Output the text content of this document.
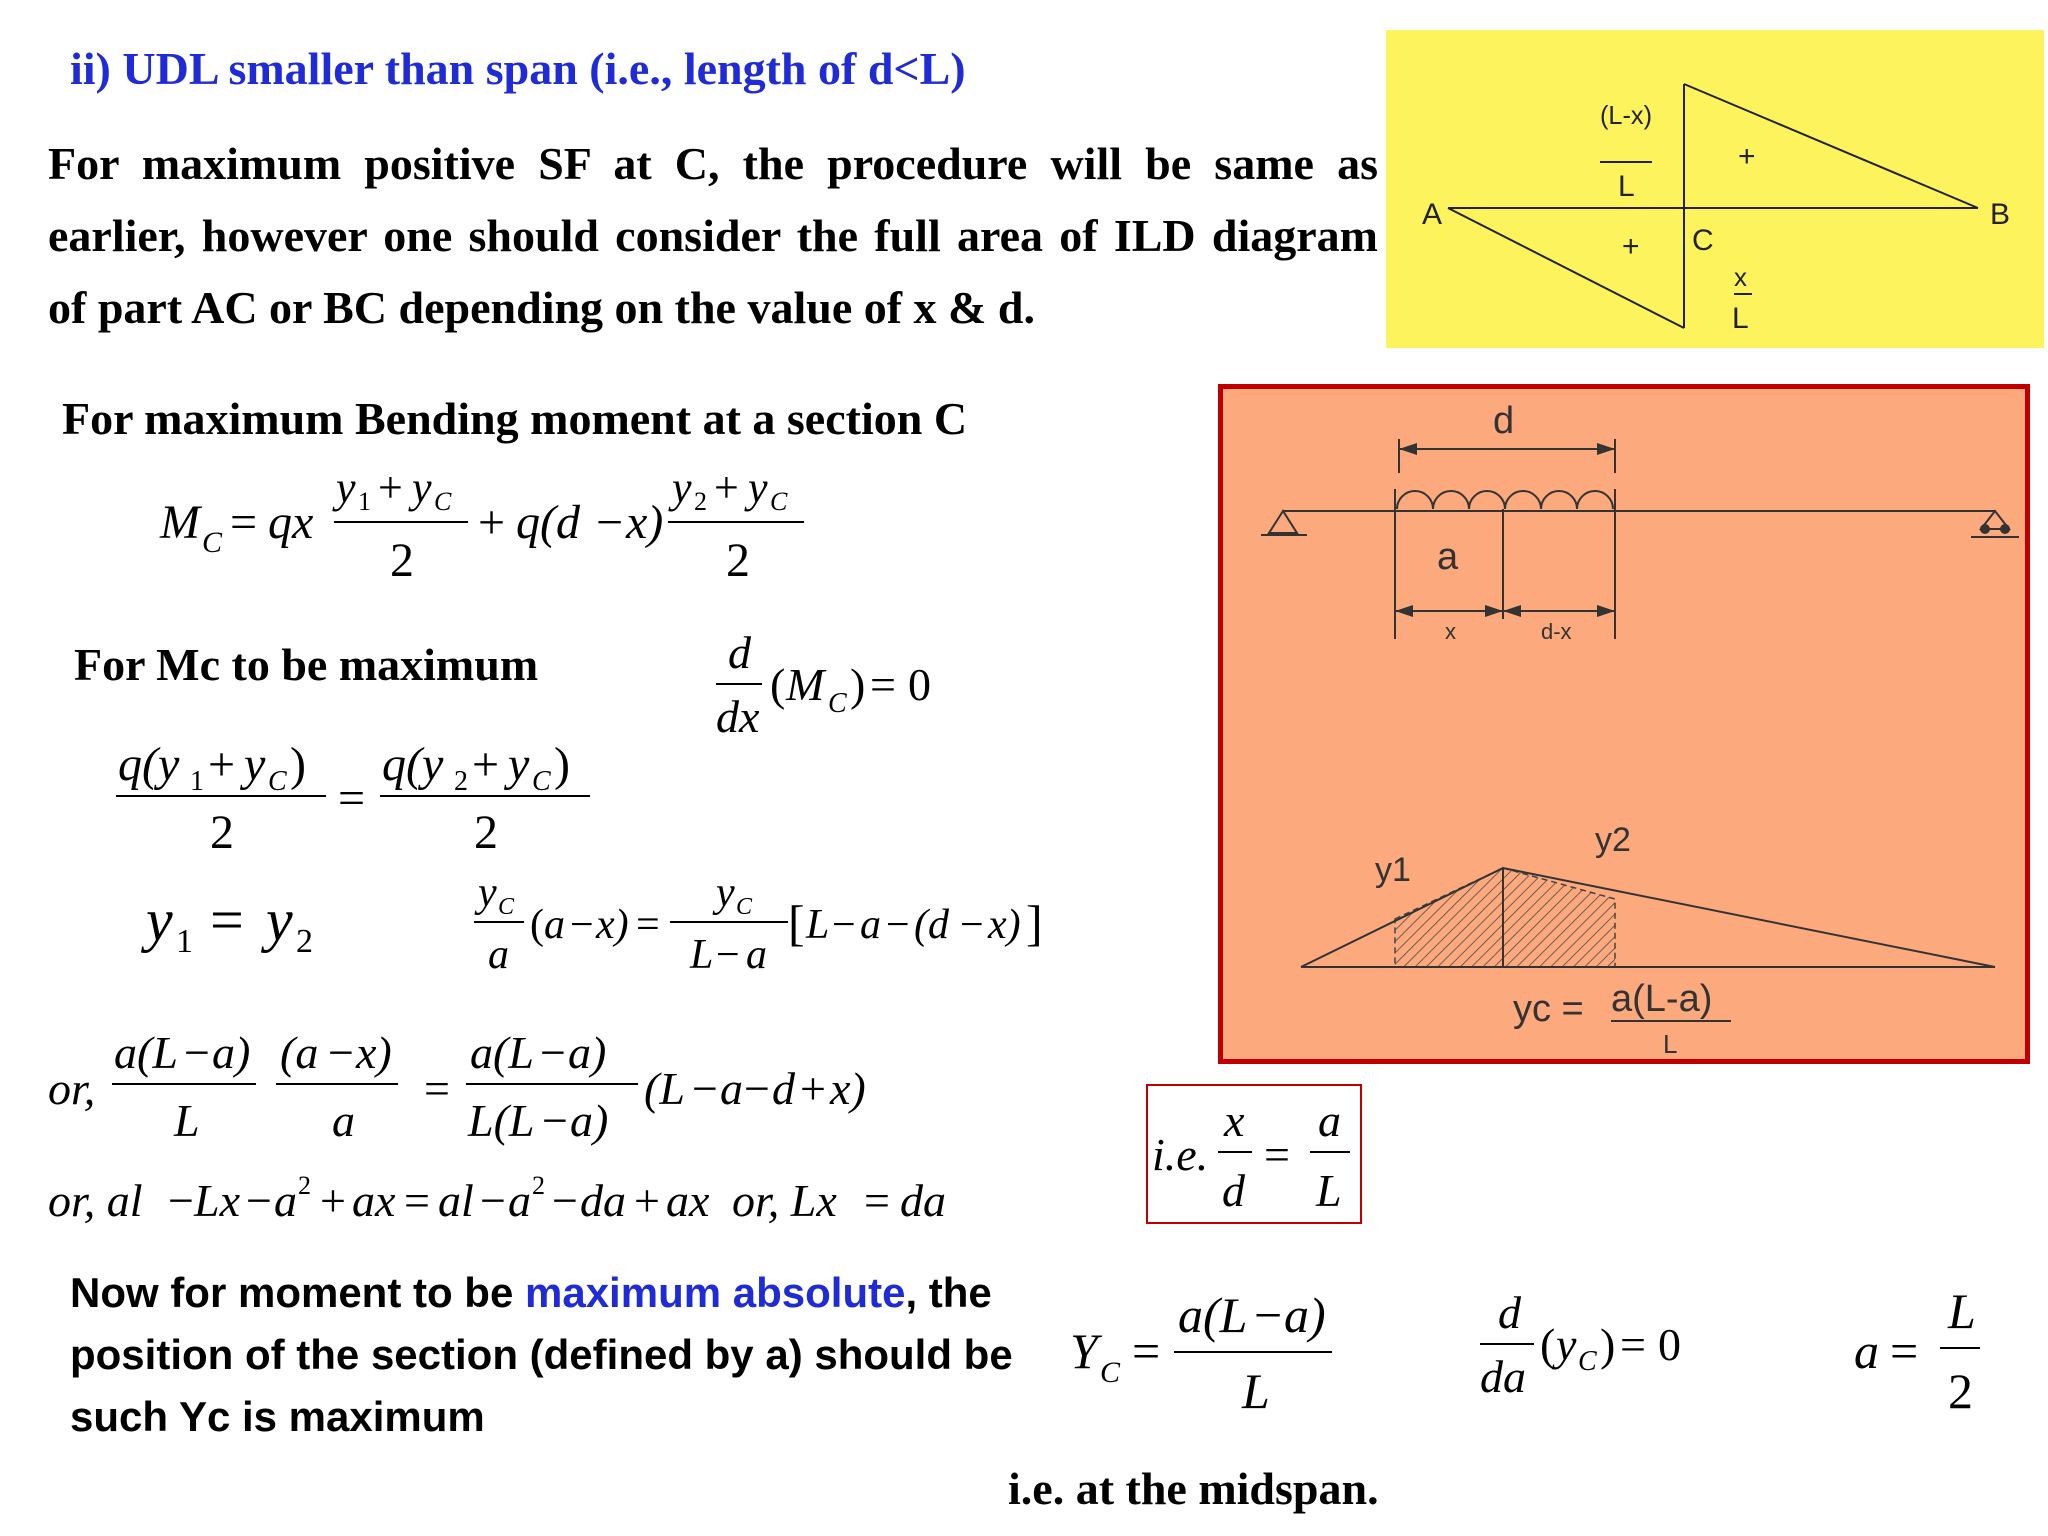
ii) UDL smaller than span (i.e., length of d<L)
For maximum positive SF at C, the procedure will be same as earlier, however one should consider the full area of ILD diagram of part AC or BC depending on the value of x & d.
A	B
C
(L-x)
L
x
L
+
+
For maximum Bending moment at a section C
M C = qx
y 1 + y C
2
+ q(d − x)
y 2 + y C
2
For Mc to be maximum	d
dx
( M C ) = 0
q(y 1 + y C )
2
=
q(y 2 + y C )
2
y 1 = y 2
y C
a
( a − x) =
y C
L − a
[ L − a − (d − x) ]
or,
a(L − a)
L
(a − x)
a
=
a(L − a)
L(L − a)
(L − a − d + x)
or, al − Lx − a 2 + ax = al − a 2 − da + ax or, Lx = da
i.e.
x
d
=
a
L
d
a
x	d-x
y1
y2
yc = a(L-a)
L
Now for moment to be maximum absolute, the position of the section (defined by a) should be such Yc is maximum
Y C =
a(L − a)
L
d
da
( y C ) = 0	a =
L
2
i.e. at the midspan.
